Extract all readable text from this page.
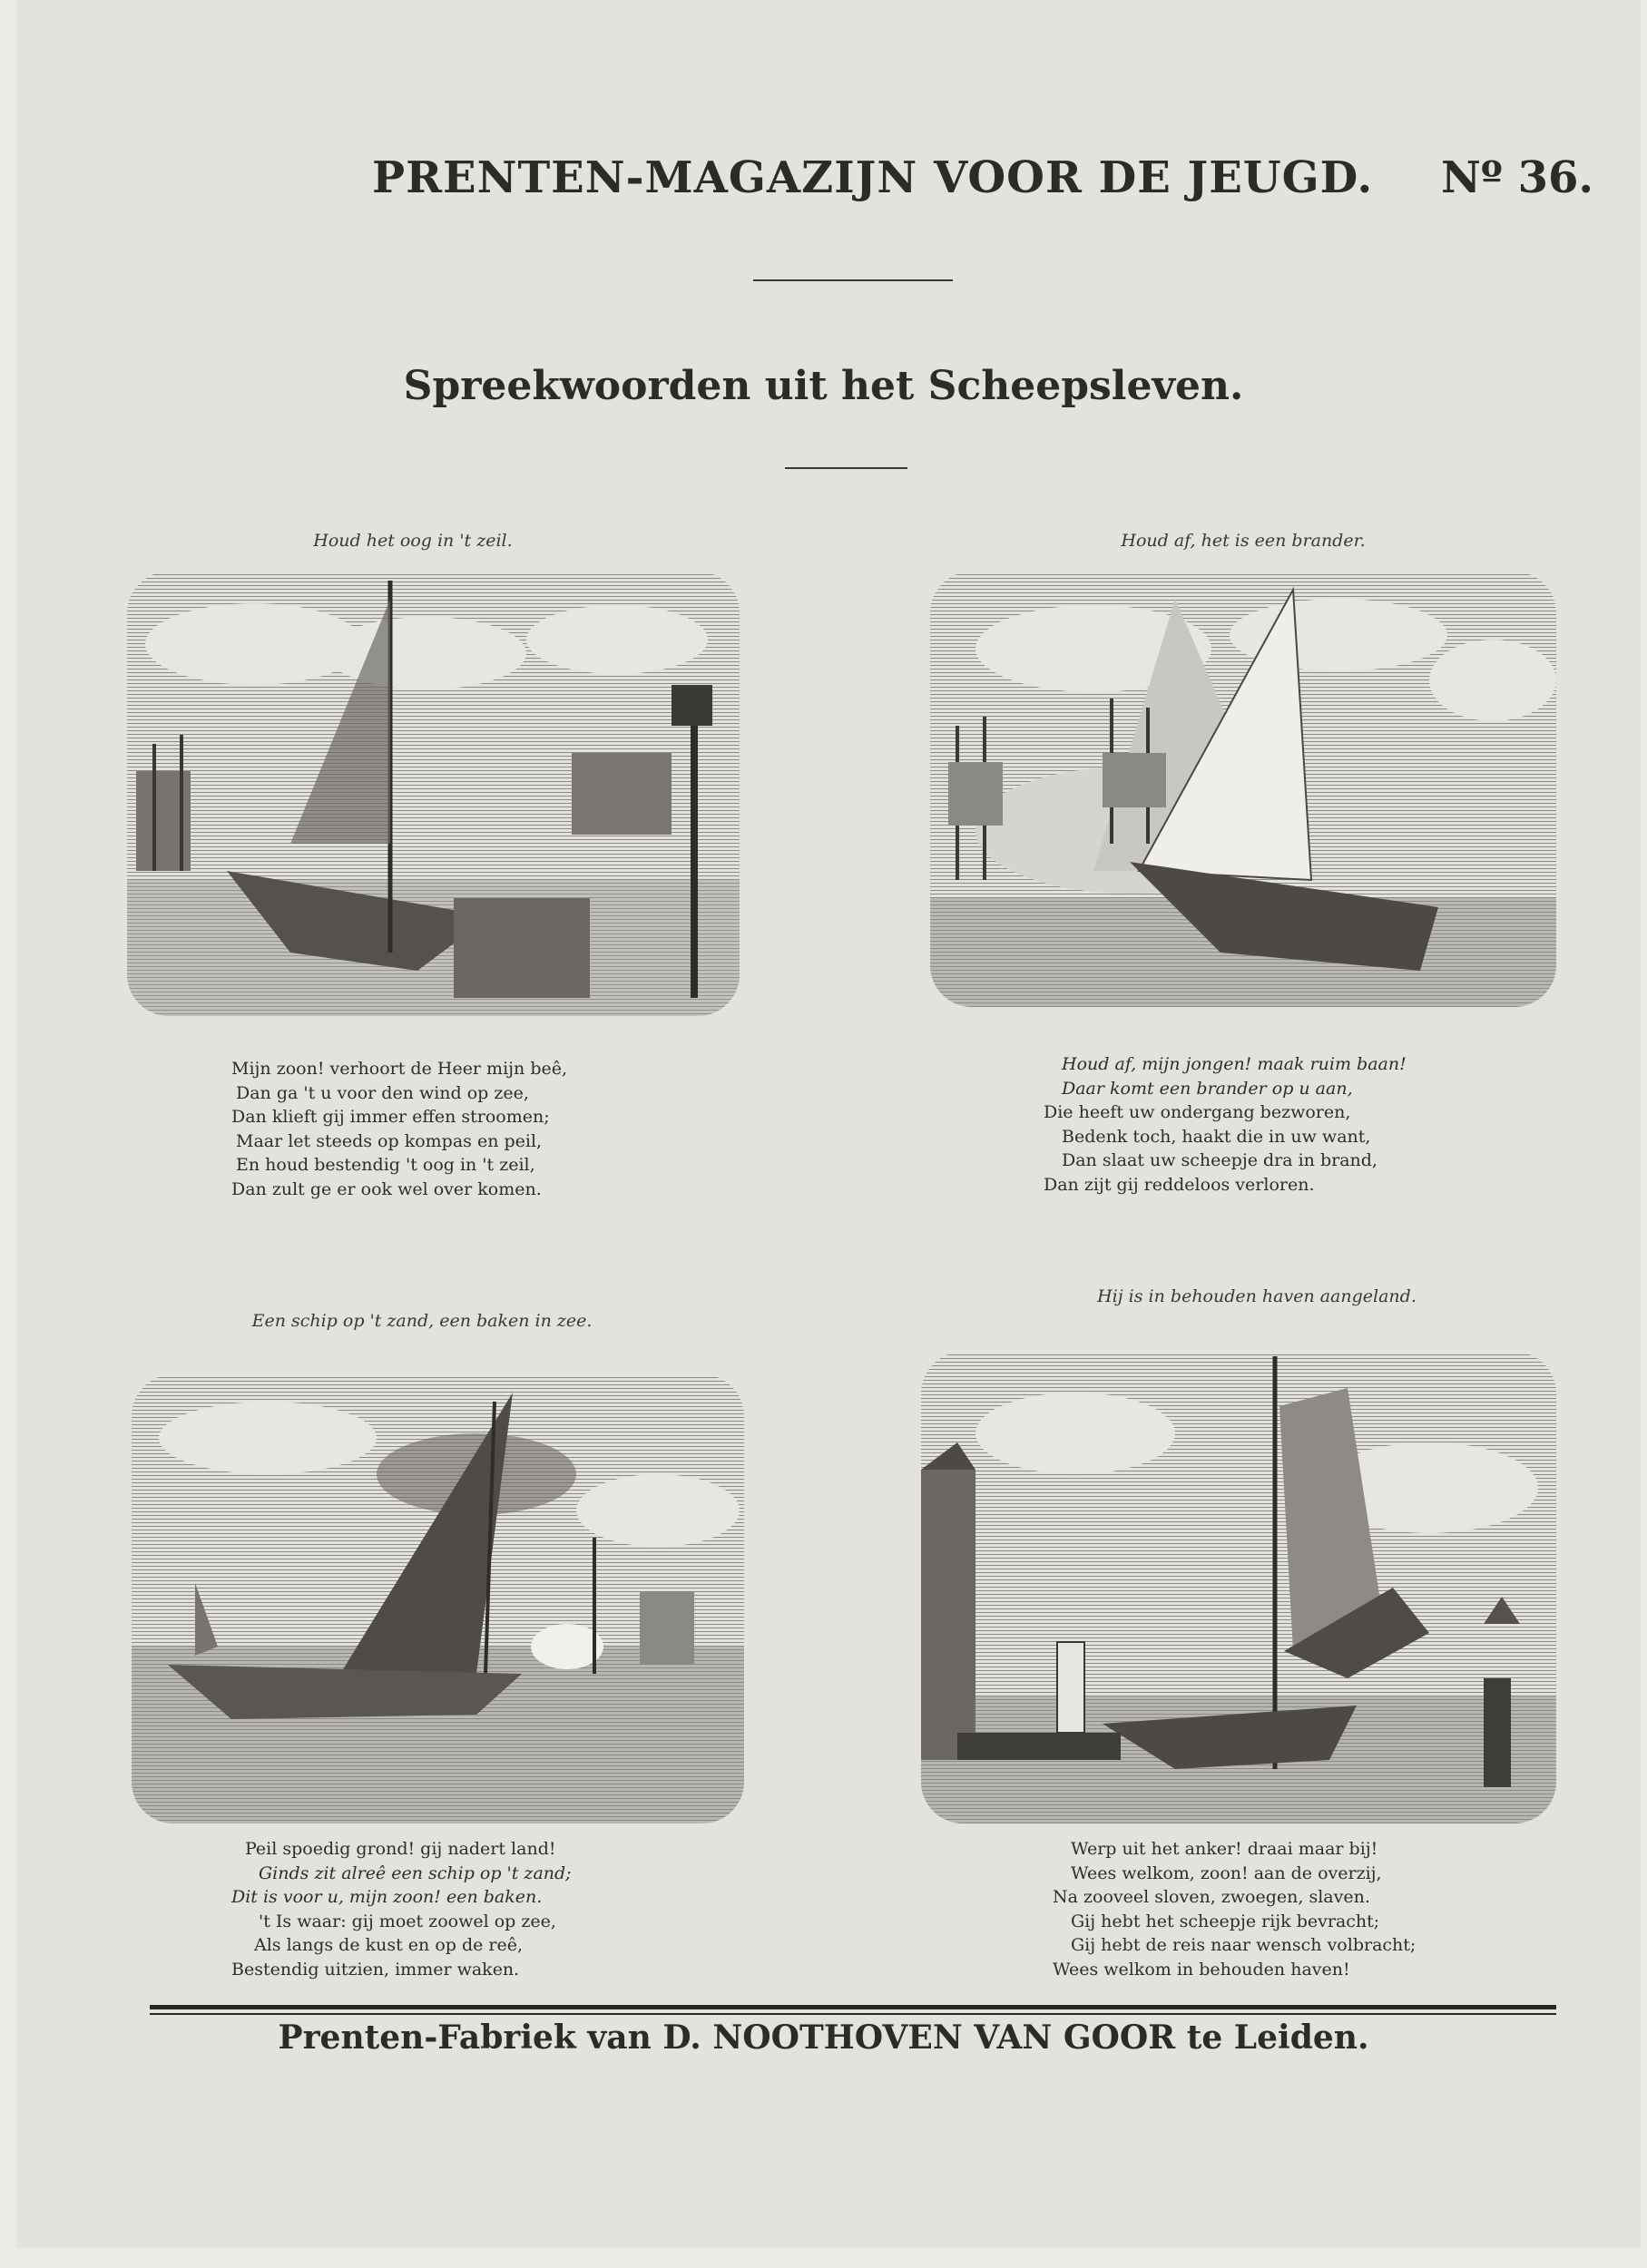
PRENTEN-MAGAZIJN VOOR DE JEUGD. Nº 36.
Spreekwoorden uit het Scheepsleven.
Houd het oog in 't zeil.
Mijn zoon! verhoort de Heer mijn beê,
Dan ga 't u voor den wind op zee,
Dan klieft gij immer effen stroomen;
Maar let steeds op kompas en peil,
En houd bestendig 't oog in 't zeil,
Dan zult ge er ook wel over komen.
Houd af, het is een brander.
Houd af, mijn jongen! maak ruim baan!
Daar komt een brander op u aan,
Die heeft uw ondergang bezworen,
Bedenk toch, haakt die in uw want,
Dan slaat uw scheepje dra in brand,
Dan zijt gij reddeloos verloren.
Een schip op 't zand, een baken in zee.
Peil spoedig grond! gij nadert land!
Ginds zit alreê een schip op 't zand;
Dit is voor u, mijn zoon! een baken.
't Is waar: gij moet zoowel op zee,
Als langs de kust en op de reê,
Bestendig uitzien, immer waken.
Hij is in behouden haven aangeland.
Werp uit het anker! draai maar bij!
Wees welkom, zoon! aan de overzij,
Na zooveel sloven, zwoegen, slaven.
Gij hebt het scheepje rijk bevracht;
Gij hebt de reis naar wensch volbracht;
Wees welkom in behouden haven!
Prenten-Fabriek van D. NOOTHOVEN VAN GOOR te Leiden.
